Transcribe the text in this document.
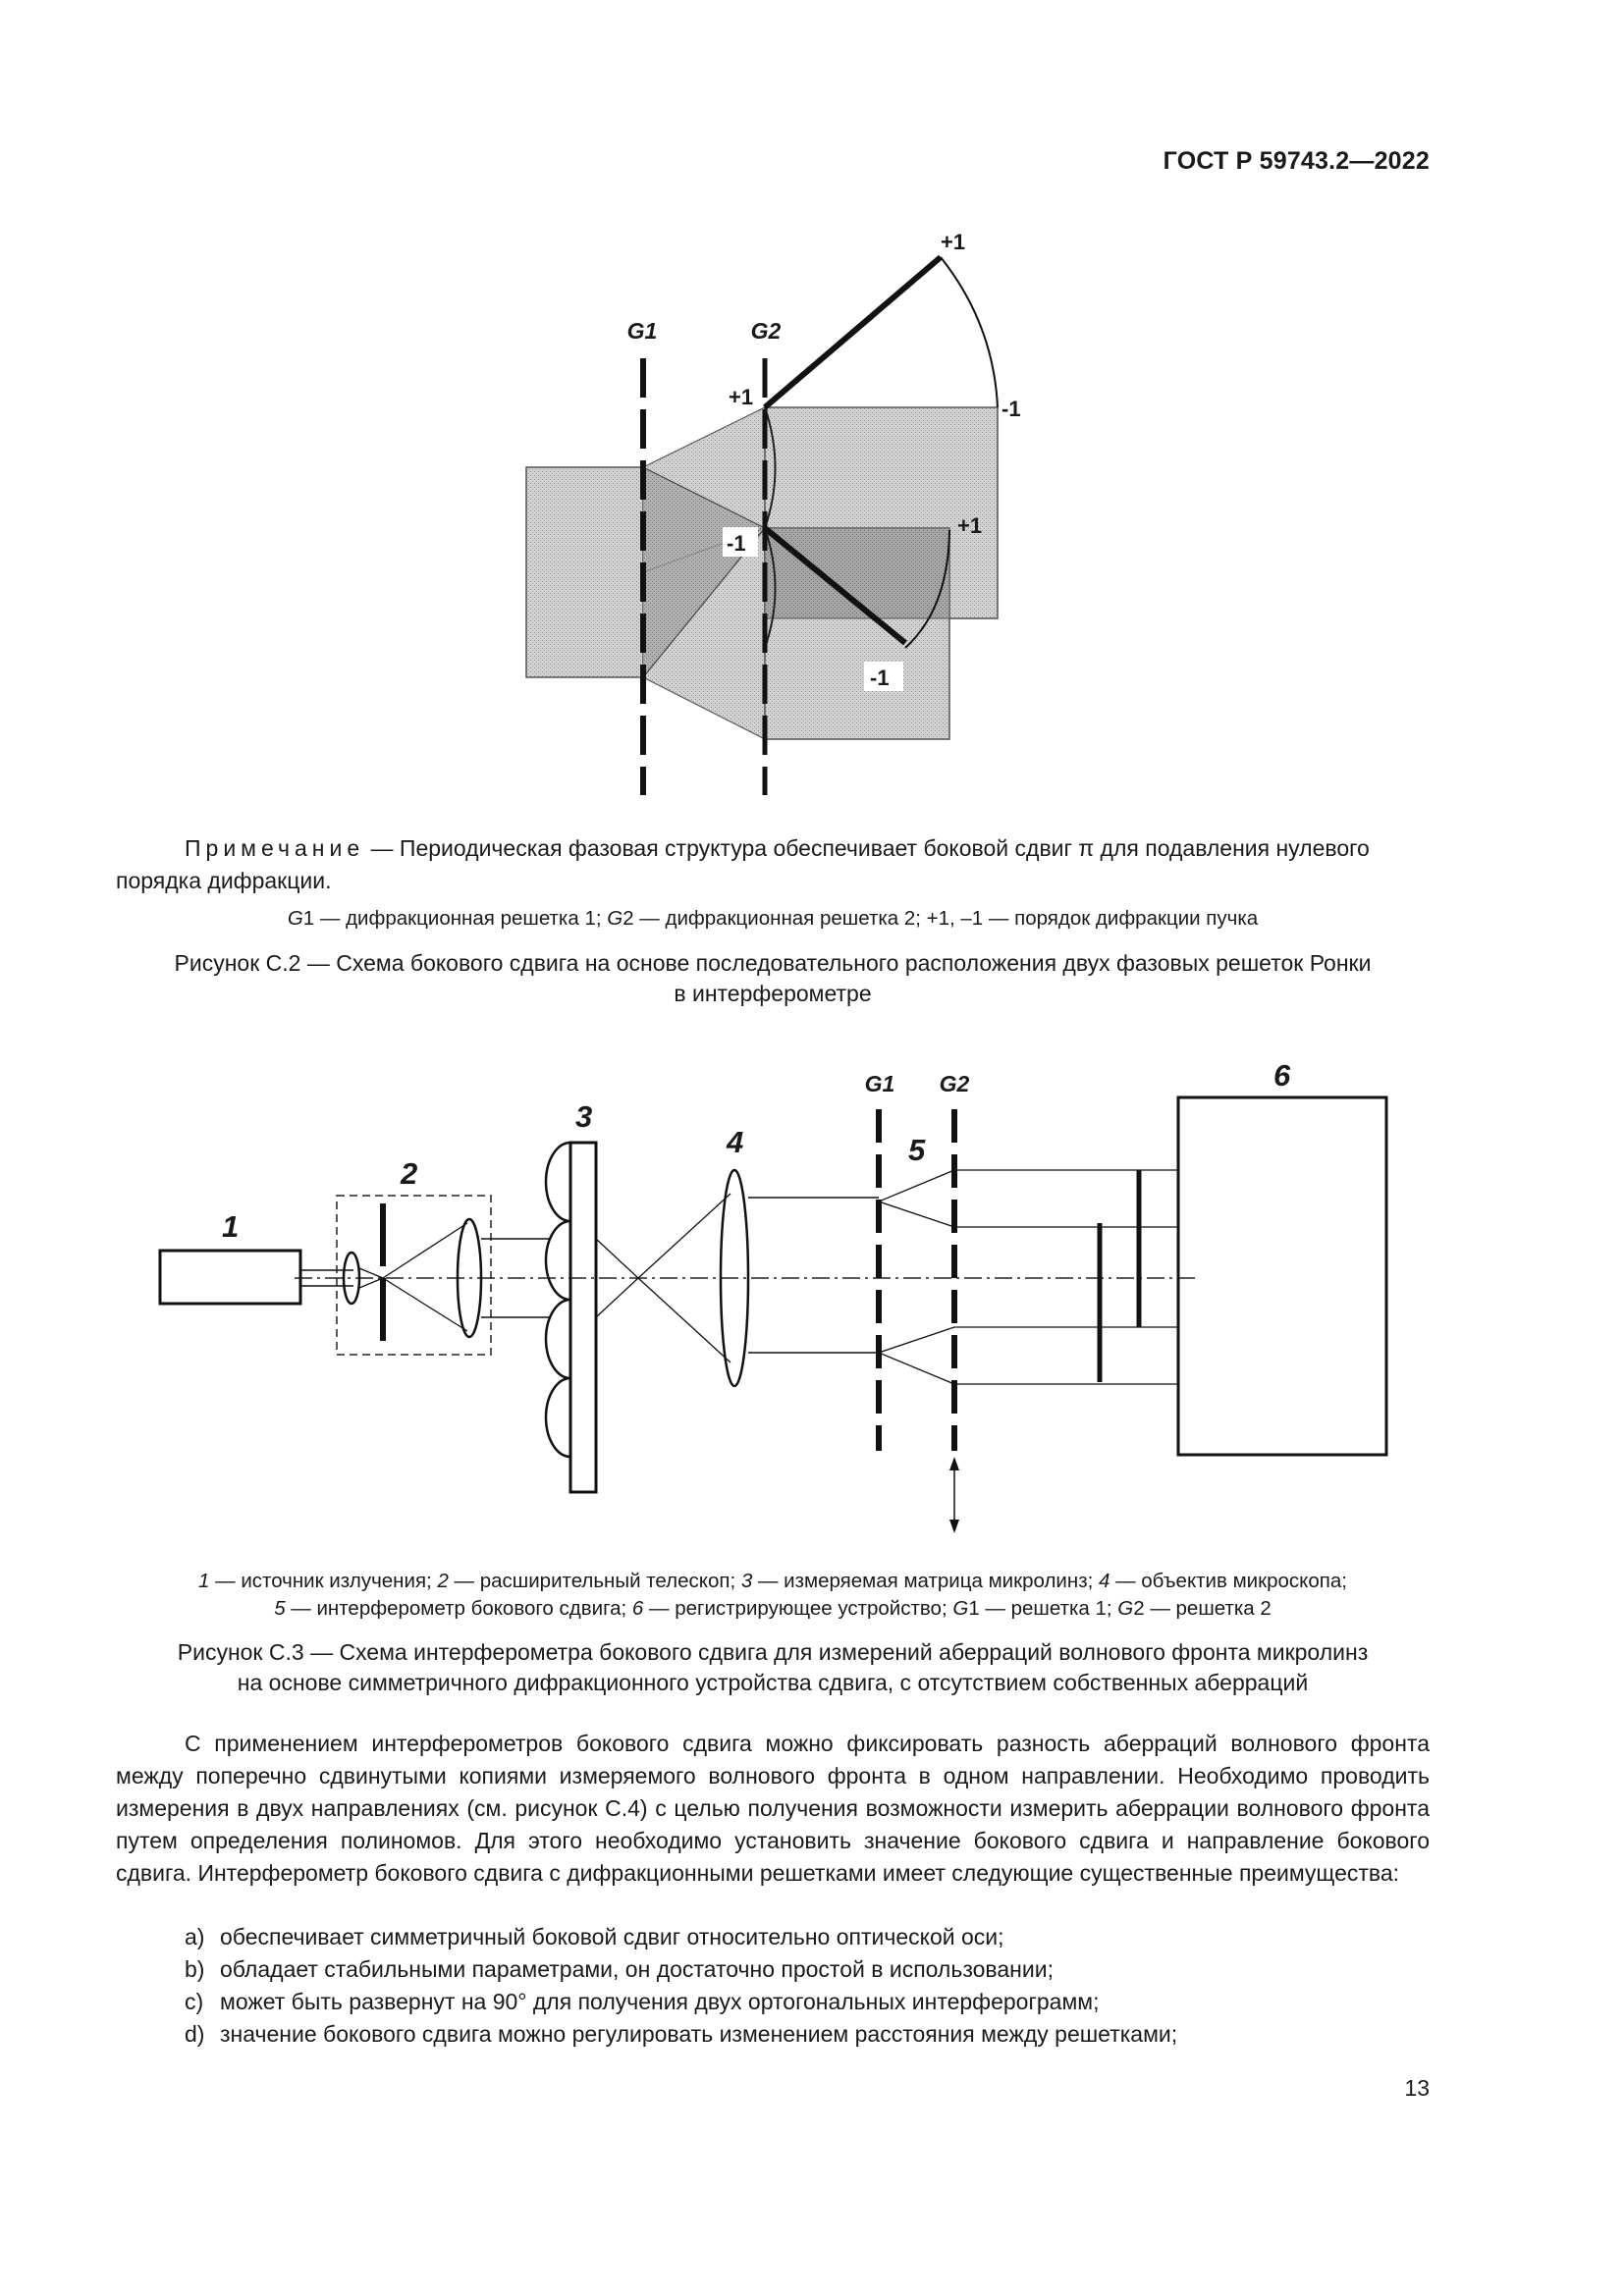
ГОСТ Р 59743.2—2022
G1	G2
+1
-1
+1
-1
+1
-1
Примечание — Периодическая фазовая структура обеспечивает боковой сдвиг π для подавления нулевого порядка дифракции.
G1 — дифракционная решетка 1; G2 — дифракционная решетка 2; +1, –1 — порядок дифракции пучка
Рисунок С.2 — Схема бокового сдвига на основе последовательного расположения двух фазовых решеток Ронки
в интерферометре
1
2
3
4	5
6
G1 G2
1 — источник излучения; 2 — расширительный телескоп; 3 — измеряемая матрица микролинз; 4 — объектив микроскопа;
5 — интерферометр бокового сдвига; 6 — регистрирующее устройство; G1 — решетка 1; G2 — решетка 2
Рисунок С.3 — Схема интерферометра бокового сдвига для измерений аберраций волнового фронта микролинз
на основе симметричного дифракционного устройства сдвига, с отсутствием собственных аберраций
С применением интерферометров бокового сдвига можно фиксировать разность аберраций волнового фронта между поперечно сдвинутыми копиями измеряемого волнового фронта в одном направлении. Необходимо проводить измерения в двух направлениях (см. рисунок С.4) с целью получения возможности измерить аберрации волнового фронта путем определения полиномов. Для этого необходимо установить значение бокового сдвига и направление бокового сдвига. Интерферометр бокового сдвига с дифракционными решетками имеет следующие существенные преимущества:
a) обеспечивает симметричный боковой сдвиг относительно оптической оси;
b) обладает стабильными параметрами, он достаточно простой в использовании;
c) может быть развернут на 90° для получения двух ортогональных интерферограмм;
d) значение бокового сдвига можно регулировать изменением расстояния между решетками;
13
